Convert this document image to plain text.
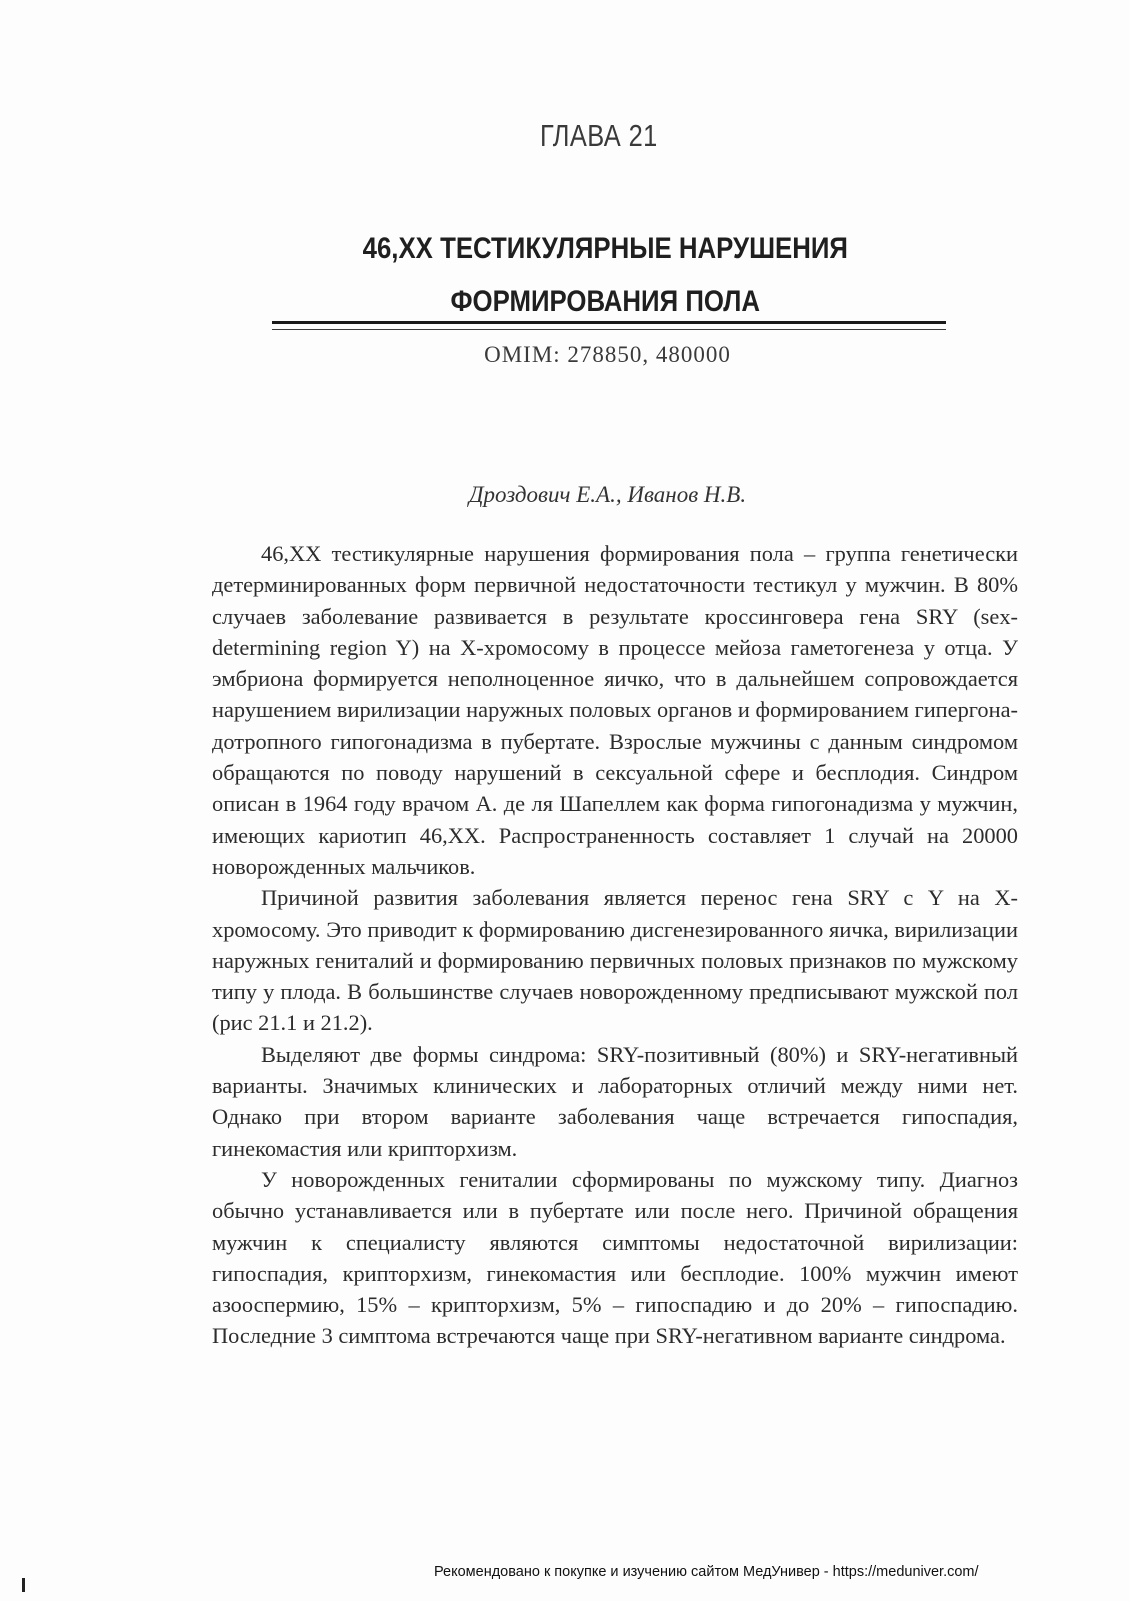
ГЛАВА 21
46,XX ТЕСТИКУЛЯРНЫЕ НАРУШЕНИЯ
ФОРМИРОВАНИЯ ПОЛА
OMIM: 278850, 480000
Дроздович Е.А., Иванов Н.В.

46,XX тестикулярные нарушения формирования пола – группа генетически детерминированных форм первичной недостаточности тестикул у мужчин. В 80% случаев заболевание развивается в результате кроссинговера гена SRY (sex-determining region Y) на X-хромосому в процессе мейоза гаметогенеза у отца. У эмбриона формируется неполноценное яичко, что в дальнейшем сопровождается нарушением вирилизации наружных половых органов и формированием гипергонадотропного гипогонадизма в пубертате. Взрослые мужчины с данным синдромом обращаются по поводу нарушений в сексуальной сфере и бесплодия. Синдром описан в 1964 году врачом А. де ля Шапеллем как форма гипогонадизма у мужчин, имеющих кариотип 46,XX. Распространенность составляет 1 случай на 20000 новорожденных мальчиков.

Причиной развития заболевания является перенос гена SRY с Y на X-хромосому. Это приводит к формированию дисгенезированного яичка, вирилизации наружных гениталий и формированию первичных половых признаков по мужскому типу у плода. В большинстве случаев новорожденному предписывают мужской пол (рис 21.1 и 21.2).

Выделяют две формы синдрома: SRY-позитивный (80%) и SRY-негативный варианты. Значимых клинических и лабораторных отличий между ними нет. Однако при втором варианте заболевания чаще встречается гипоспадия, гинекомастия или крипторхизм.

У новорожденных гениталии сформированы по мужскому типу. Диагноз обычно устанавливается или в пубертате или после него. Причиной обращения мужчин к специалисту являются симптомы недостаточной вирилизации: гипоспадия, крипторхизм, гинекомастия или бесплодие. 100% мужчин имеют азооспермию, 15% – крипторхизм, 5% – гипоспадию и до 20% – гипоспадию. Последние 3 симптома встречаются чаще при SRY-негативном варианте синдрома.

Рекомендовано к покупке и изучению сайтом МедУнивер - https://meduniver.com/
